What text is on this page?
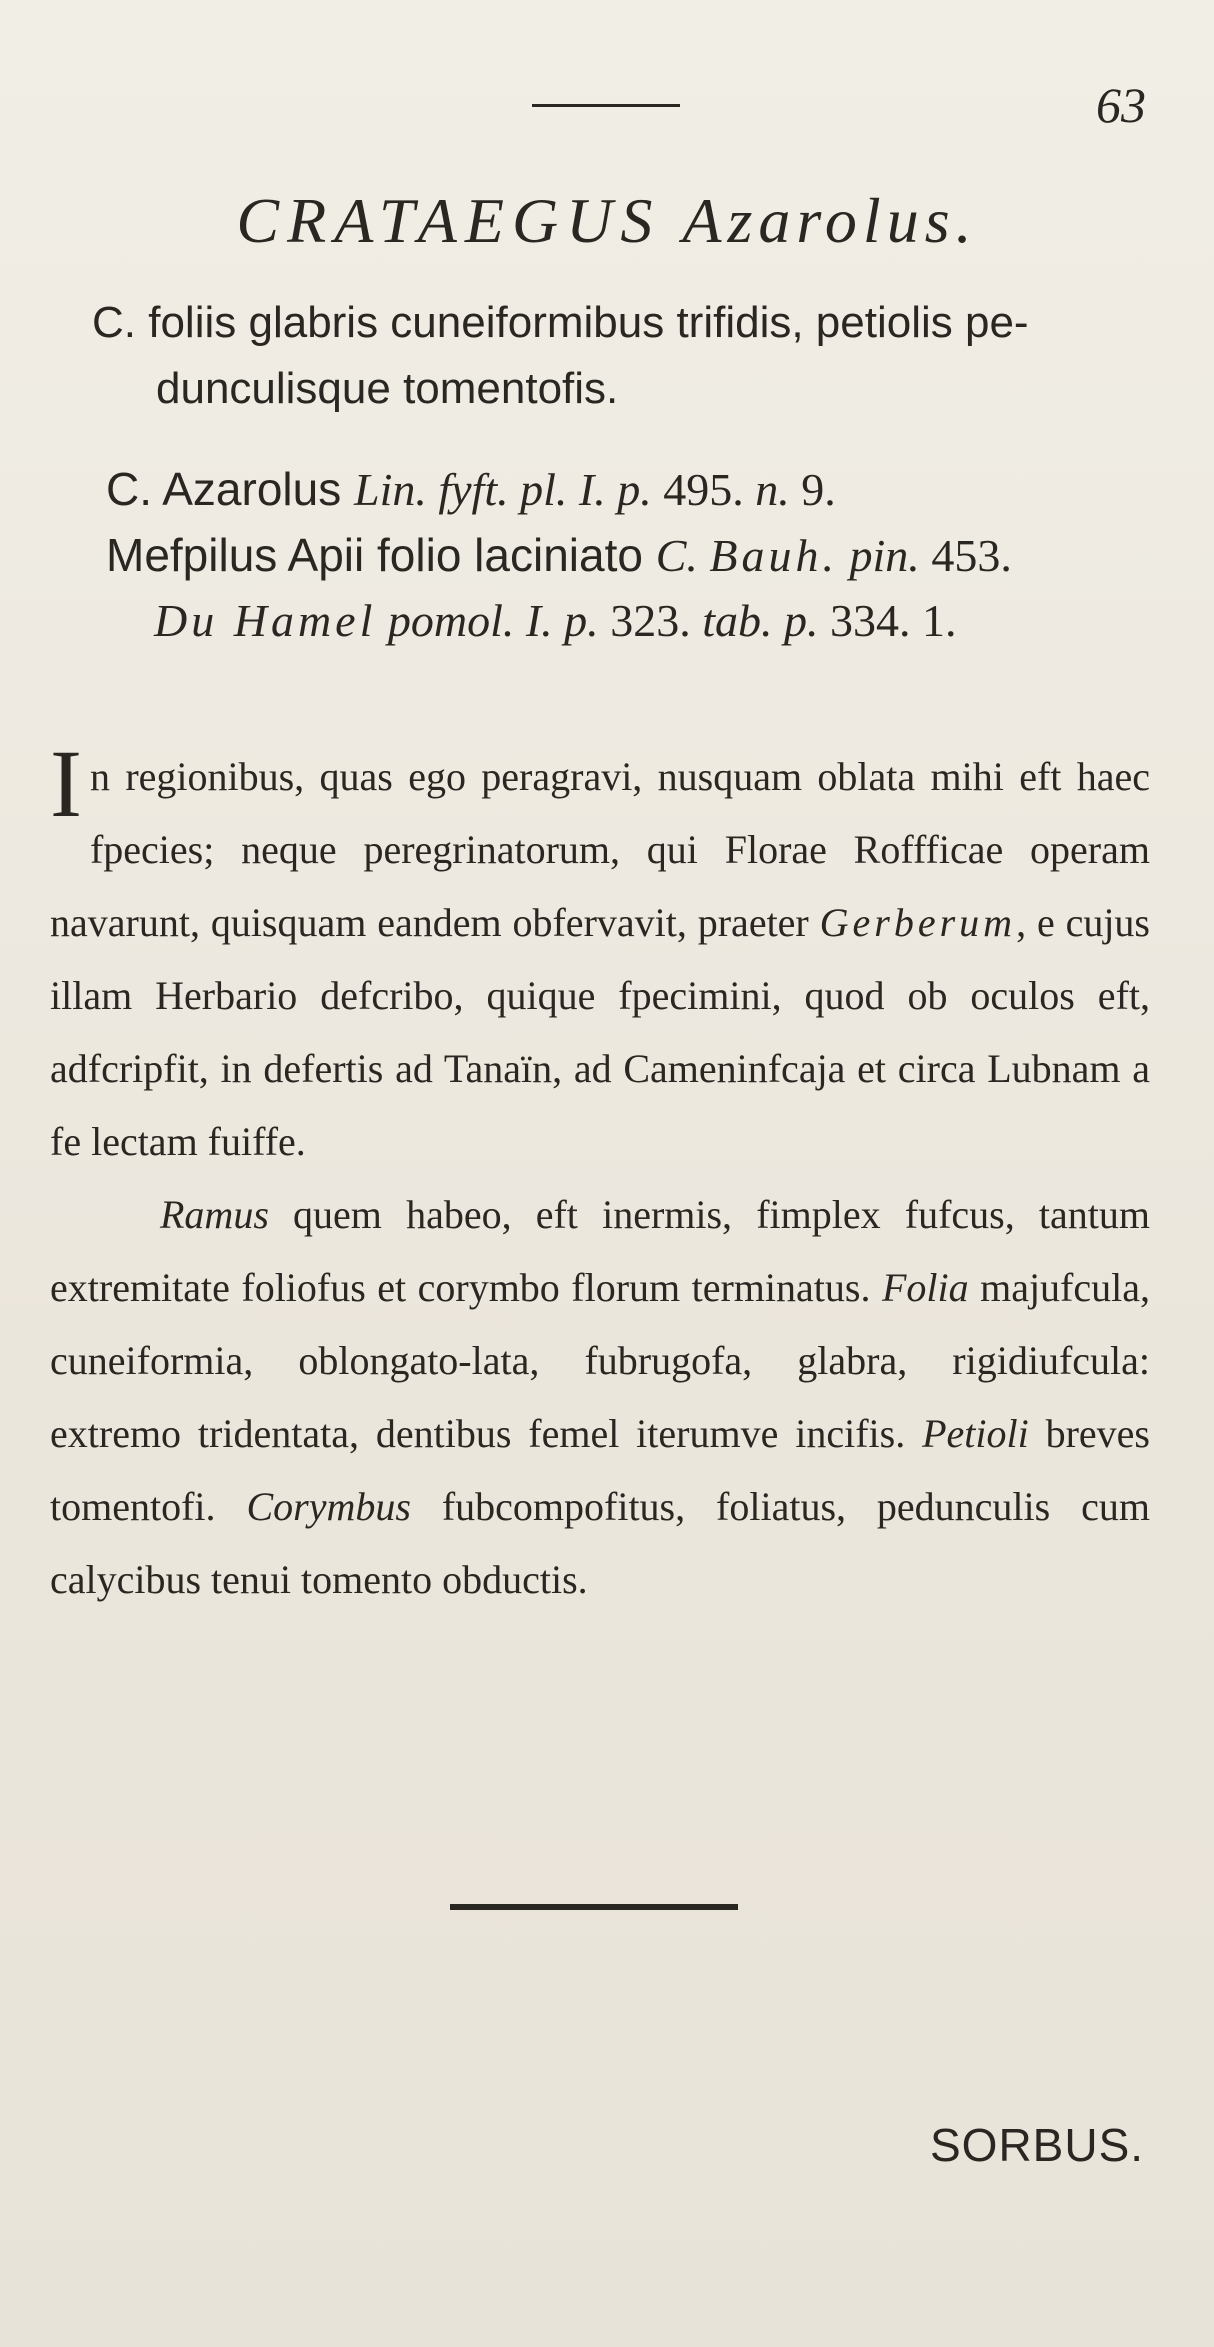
63
CRATAEGUS Azarolus.
C. foliis glabris cuneiformibus trifidis, petiolis pe-
dunculisque tomentofis.
C. Azarolus Lin. fyft. pl. I. p. 495. n. 9.
Mefpilus Apii folio laciniato C. Bauh. pin. 453.
Du Hamel pomol. I. p. 323. tab. p. 334. 1.

In regionibus, quas ego peragravi, nusquam oblata mihi eft haec fpecies; neque peregrinatorum, qui Florae Roffficae operam navarunt, quisquam eandem obfervavit, praeter Gerberum, e cujus illam Herbario defcribo, quique fpecimini, quod ob oculos eft, adfcripfit, in defertis ad Tanaïn, ad Cameninfcaja et circa Lubnam a fe lectam fuiffe.

Ramus quem habeo, eft inermis, fimplex fufcus, tantum extremitate foliofus et corymbo florum terminatus. Folia majufcula, cuneiformia, oblongato-lata, fubrugofa, glabra, rigidiufcula: extremo tridentata, dentibus femel iterumve incifis. Petioli breves tomentofi. Corymbus fubcompofitus, foliatus, pedunculis cum calycibus tenui tomento obductis.

SORBUS.
